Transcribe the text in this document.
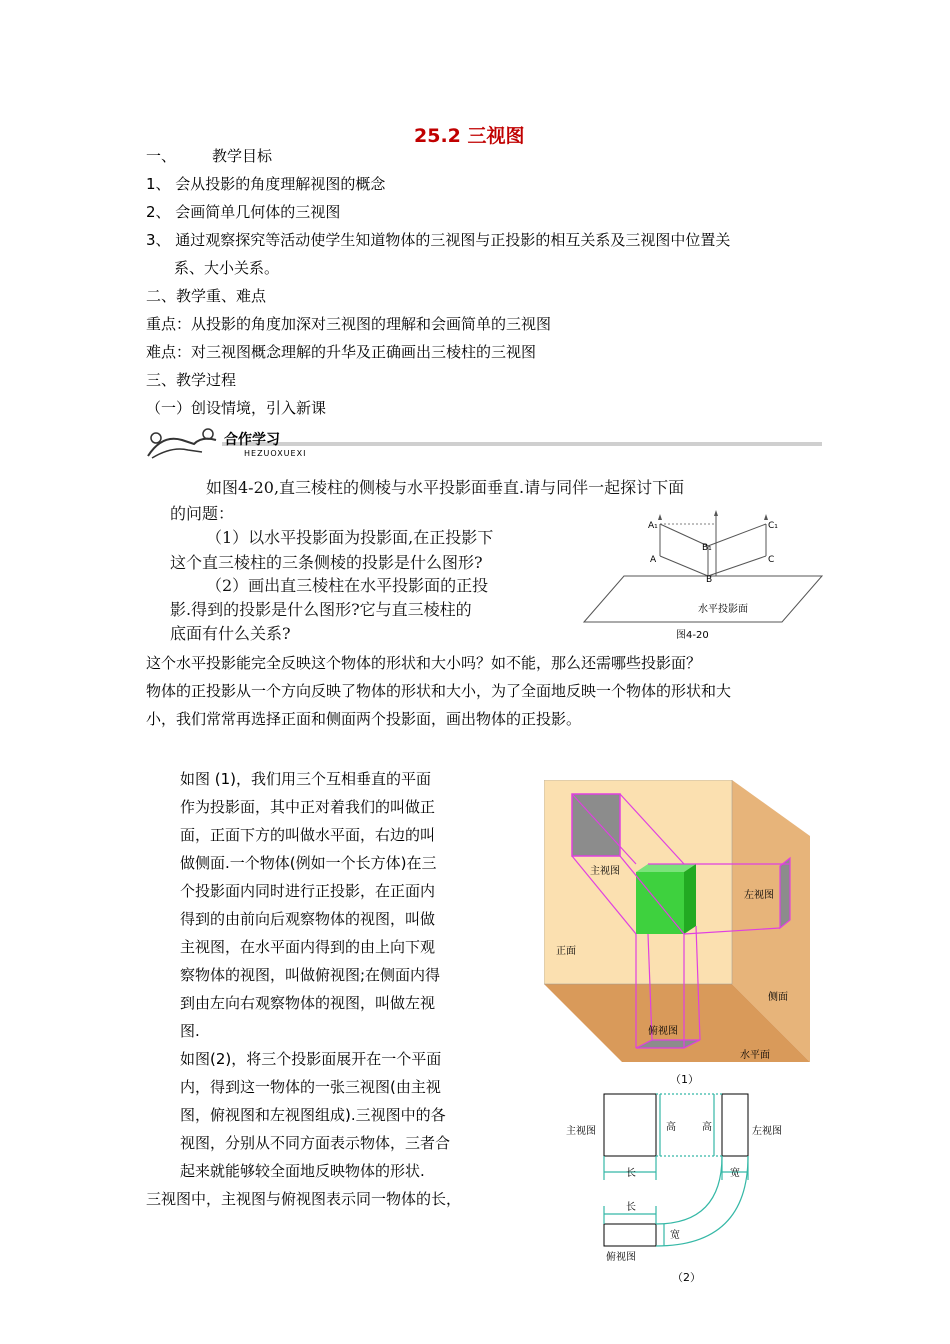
25.2 三视图
一、 教学目标
1、 会从投影的角度理解视图的概念
2、 会画简单几何体的三视图
3、 通过观察探究等活动使学生知道物体的三视图与正投影的相互关系及三视图中位置关
系、大小关系。
二、教学重、难点
重点：从投影的角度加深对三视图的理解和会画简单的三视图
难点：对三视图概念理解的升华及正确画出三棱柱的三视图
三、教学过程
（一）创设情境，引入新课
合作学习
HEZUOXUEXI
如图4-20,直三棱柱的侧棱与水平投影面垂直.请与同伴一起探讨下面
的问题：
（1）以水平投影面为投影面,在正投影下
这个直三棱柱的三条侧棱的投影是什么图形?
（2）画出直三棱柱在水平投影面的正投
影.得到的投影是什么图形?它与直三棱柱的
底面有什么关系?
A₁	C₁
B₁
A
B
C
水平投影面
图4-20
这个水平投影能完全反映这个物体的形状和大小吗？如不能，那么还需哪些投影面？
物体的正投影从一个方向反映了物体的形状和大小，为了全面地反映一个物体的形状和大
小，我们常常再选择正面和侧面两个投影面，画出物体的正投影。
如图 (1)，我们用三个互相垂直的平面
作为投影面，其中正对着我们的叫做正
面，正面下方的叫做水平面，右边的叫
做侧面.一个物体(例如一个长方体)在三
个投影面内同时进行正投影，在正面内
得到的由前向后观察物体的视图，叫做
主视图，在水平面内得到的由上向下观
察物体的视图，叫做俯视图;在侧面内得
到由左向右观察物体的视图，叫做左视
图.
如图(2)，将三个投影面展开在一个平面
内，得到这一物体的一张三视图(由主视
图，俯视图和左视图组成).三视图中的各
视图，分别从不同方面表示物体，三者合
起来就能够较全面地反映物体的形状.
三视图中，主视图与俯视图表示同一物体的长，
主视图
左视图
正面
侧面
俯视图
水平面
（1）
主视图	左视图
高	高
长	宽
长
宽
俯视图
（2）
